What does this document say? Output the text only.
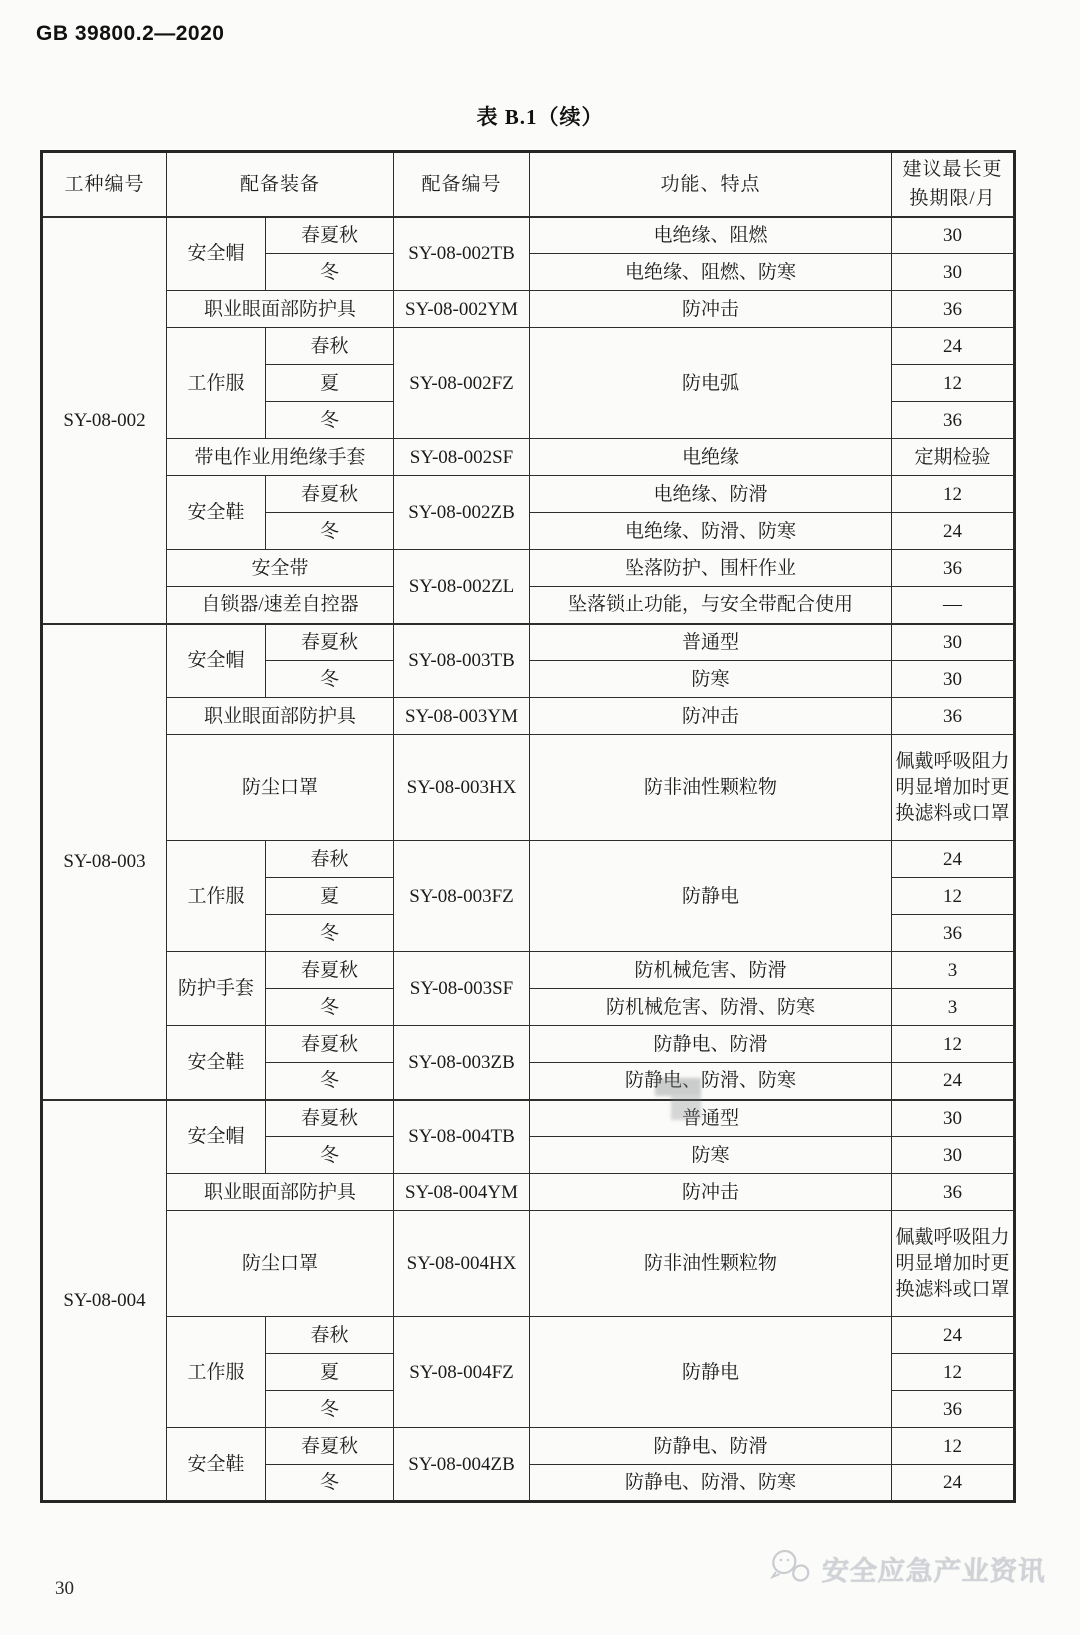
GB 39800.2—2020
表 B.1（续）
工种编号	配备装备		配备编号	功能、特点	建议最长更
换期限/月

SY-08-002	安全帽	春夏秋	SY-08-002TB	电绝缘、阻燃	30
		冬		电绝缘、阻燃、防寒	30
	职业眼面部防护具		SY-08-002YM	防冲击	36
	工作服	春秋	SY-08-002FZ	防电弧	24
		夏			12
		冬			36
	带电作业用绝缘手套		SY-08-002SF	电绝缘	定期检验
	安全鞋	春夏秋	SY-08-002ZB	电绝缘、防滑	12
		冬		电绝缘、防滑、防寒	24
	安全带		SY-08-002ZL	坠落防护、围杆作业	36
	自锁器/速差自控器			坠落锁止功能，与安全带配合使用	—
SY-08-003	安全帽	春夏秋	SY-08-003TB	普通型	30
		冬		防寒	30
	职业眼面部防护具		SY-08-003YM	防冲击	36
	防尘口罩		SY-08-003HX	防非油性颗粒物	佩戴呼吸阻力明显增加时更换滤料或口罩
	工作服	春秋	SY-08-003FZ	防静电	24
		夏			12
		冬			36
	防护手套	春夏秋	SY-08-003SF	防机械危害、防滑	3
		冬		防机械危害、防滑、防寒	3
	安全鞋	春夏秋	SY-08-003ZB	防静电、防滑	12
		冬		防静电、防滑、防寒	24
SY-08-004	安全帽	春夏秋	SY-08-004TB	普通型	30
		冬		防寒	30
	职业眼面部防护具		SY-08-004YM	防冲击	36
	防尘口罩		SY-08-004HX	防非油性颗粒物	佩戴呼吸阻力明显增加时更换滤料或口罩
	工作服	春秋	SY-08-004FZ	防静电	24
		夏			12
		冬			36
	安全鞋	春夏秋	SY-08-004ZB	防静电、防滑	12
		冬		防静电、防滑、防寒	24
30
安全应急产业资讯
